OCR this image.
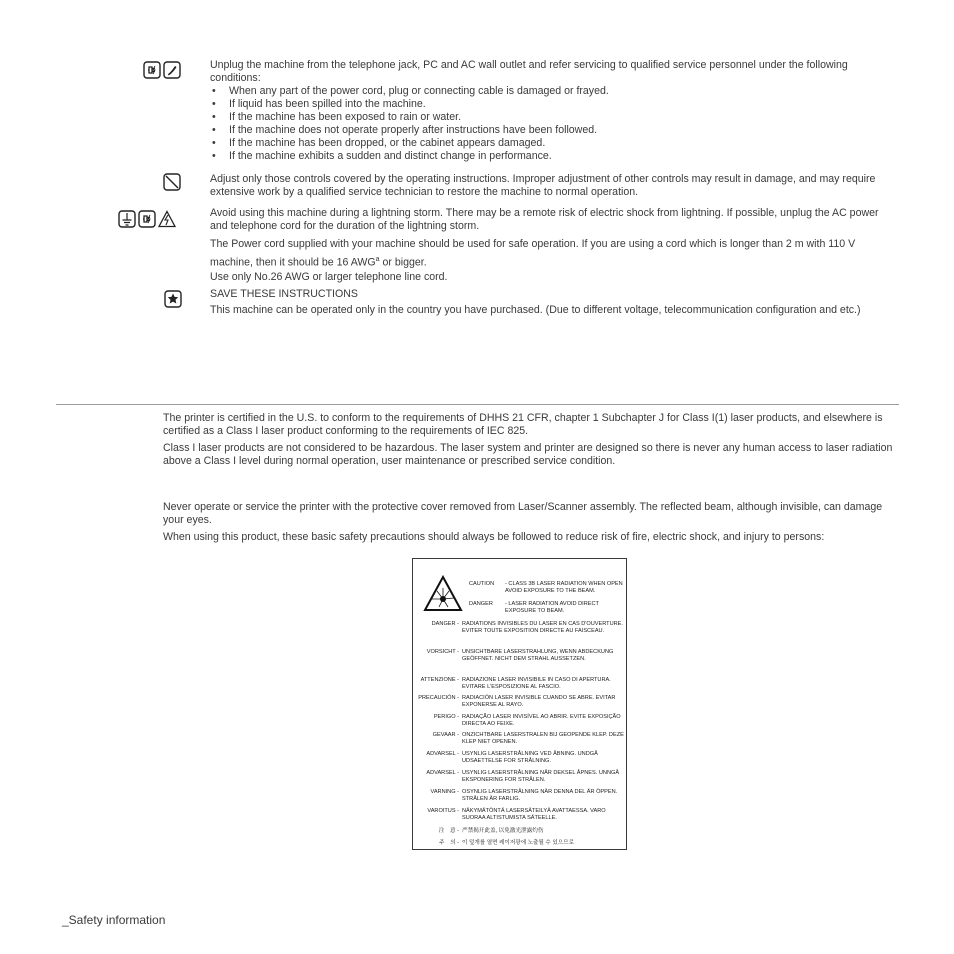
Unplug the machine from the telephone jack, PC and AC wall outlet and refer servicing to qualified service personnel under the following conditions:

• When any part of the power cord, plug or connecting cable is damaged or frayed.
• If liquid has been spilled into the machine.
• If the machine has been exposed to rain or water.
• If the machine does not operate properly after instructions have been followed.
• If the machine has been dropped, or the cabinet appears damaged.
• If the machine exhibits a sudden and distinct change in performance.

Adjust only those controls covered by the operating instructions. Improper adjustment of other controls may result in damage, and may require extensive work by a qualified service technician to restore the machine to normal operation.

Avoid using this machine during a lightning storm. There may be a remote risk of electric shock from lightning. If possible, unplug the AC power and telephone cord for the duration of the lightning storm.

The Power cord supplied with your machine should be used for safe operation. If you are using a cord which is longer than 2 m with 110 V machine, then it should be 16 AWG$^a$ or bigger.

Use only No.26 AWG or larger telephone line cord.

SAVE THESE INSTRUCTIONS

This machine can be operated only in the country you have purchased. (Due to different voltage, telecommunication configuration and etc.)

The printer is certified in the U.S. to conform to the requirements of DHHS 21 CFR, chapter 1 Subchapter J for Class I(1) laser products, and elsewhere is certified as a Class I laser product conforming to the requirements of IEC 825.

Class I laser products are not considered to be hazardous. The laser system and printer are designed so there is never any human access to laser radiation above a Class I level during normal operation, user maintenance or prescribed service condition.

Never operate or service the printer with the protective cover removed from Laser/Scanner assembly. The reflected beam, although invisible, can damage your eyes.

When using this product, these basic safety precautions should always be followed to reduce risk of fire, electric shock, and injury to persons:

CAUTION	- CLASS 3B LASER RADIATION WHEN OPEN AVOID EXPOSURE TO THE BEAM.
DANGER	- LASER RADIATION AVOID DIRECT EXPOSURE TO BEAM.
DANGER - RADIATIONS INVISIBLES DU LASER EN CAS D'OUVERTURE. EVITER TOUTE EXPOSITION DIRECTE AU FAISCEAU.
VORSICHT - UNSICHTBARE LASERSTRAHLUNG, WENN ABDECKUNG GEÖFFNET. NICHT DEM STRAHL AUSSETZEN.
ATTENZIONE - RADIAZIONE LASER INVISIBILE IN CASO DI APERTURA. EVITARE L'ESPOSIZIONE AL FASCIO.
PRECAUCIÓN - RADIACIÓN LASER INVISIBLE CUANDO SE ABRE. EVITAR EXPONERSE AL RAYO.
PERIGO - RADIAÇÃO LASER INVISÍVEL AO ABRIR. EVITE EXPOSIÇÃO DIRECTA AO FEIXE.
GEVAAR - ONZICHTBARE LASERSTRALEN BIJ GEOPENDE KLEP. DEZE KLEP NIET OPENEN.
ADVARSEL - USYNLIG LASERSTRÅLNING VED ÅBNING. UNDGÅ UDSAETTELSE FOR STRÅLNING.
ADVARSEL - USYNLIG LASERSTRÅLNING NÅR DEKSEL ÅPNES. UNNGÅ EKSPONERING FOR STRÅLEN.
VARNING - OSYNLIG LASERSTRÅLNING NÄR DENNA DEL ÄR ÖPPEN. STRÅLEN ÄR FARLIG.
VAROITUS - NÄKYMÄTÖNTÄ LASERSÄTEILYÄ AVATTAESSA. VARO SUORAA ALTISTUMISTA SÄTEELLE.
注　意 - 严禁揭开此盖, 以免激光泄露灼伤
주　의 - 이 덮개를 열면 레이저광에 노출될 수 있으므로
_Safety information
